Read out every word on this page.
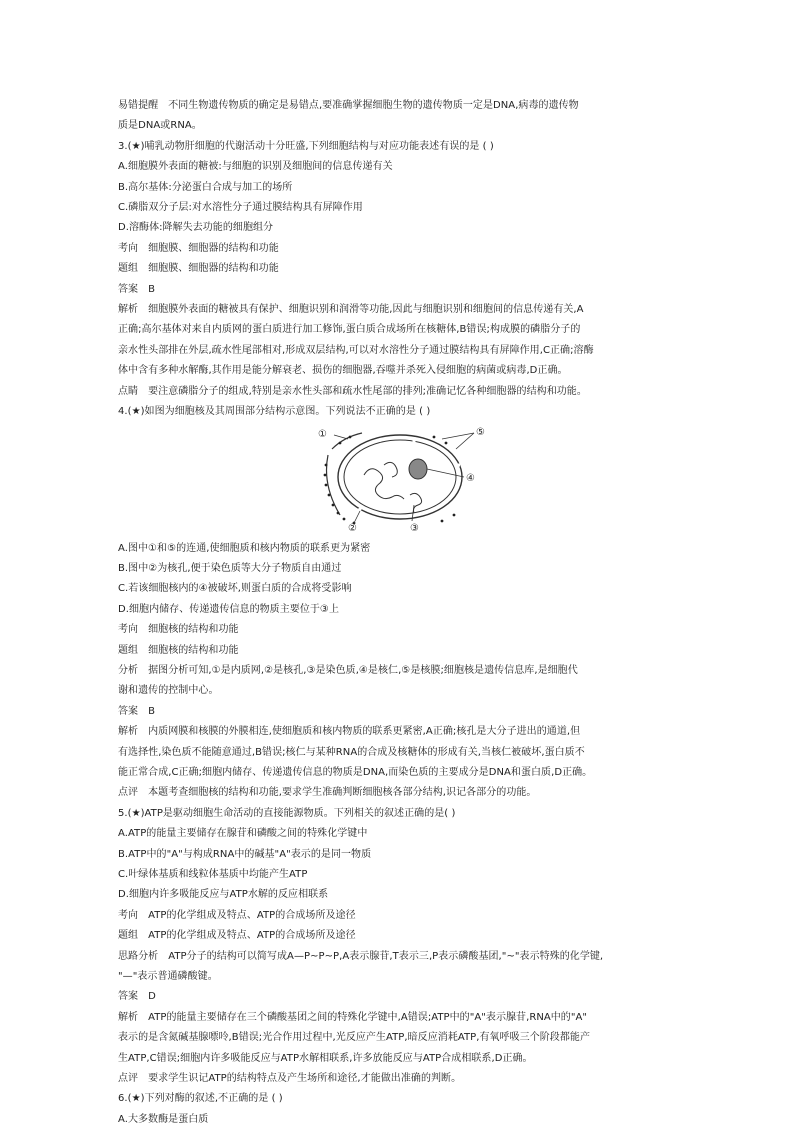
易错提醒 不同生物遗传物质的确定是易错点,要准确掌握细胞生物的遗传物质一定是DNA,病毒的遗传物
质是DNA或RNA。
3.(★)哺乳动物肝细胞的代谢活动十分旺盛,下列细胞结构与对应功能表述有误的是 ( )
A.细胞膜外表面的糖被:与细胞的识别及细胞间的信息传递有关
B.高尔基体:分泌蛋白合成与加工的场所
C.磷脂双分子层:对水溶性分子通过膜结构具有屏障作用
D.溶酶体:降解失去功能的细胞组分
考向 细胞膜、细胞器的结构和功能
题组 细胞膜、细胞器的结构和功能
答案 B
解析 细胞膜外表面的糖被具有保护、细胞识别和润滑等功能,因此与细胞识别和细胞间的信息传递有关,A
正确;高尔基体对来自内质网的蛋白质进行加工修饰,蛋白质合成场所在核糖体,B错误;构成膜的磷脂分子的
亲水性头部排在外层,疏水性尾部相对,形成双层结构,可以对水溶性分子通过膜结构具有屏障作用,C正确;溶酶
体中含有多种水解酶,其作用是能分解衰老、损伤的细胞器,吞噬并杀死入侵细胞的病菌或病毒,D正确。
点睛 要注意磷脂分子的组成,特别是亲水性头部和疏水性尾部的排列;准确记忆各种细胞器的结构和功能。
4.(★)如图为细胞核及其周围部分结构示意图。下列说法不正确的是 ( )
①
②	③
④
⑤
A.图中①和⑤的连通,使细胞质和核内物质的联系更为紧密
B.图中②为核孔,便于染色质等大分子物质自由通过
C.若该细胞核内的④被破坏,则蛋白质的合成将受影响
D.细胞内储存、传递遗传信息的物质主要位于③上
考向 细胞核的结构和功能
题组 细胞核的结构和功能
分析 据图分析可知,①是内质网,②是核孔,③是染色质,④是核仁,⑤是核膜;细胞核是遗传信息库,是细胞代
谢和遗传的控制中心。
答案 B
解析 内质网膜和核膜的外膜相连,使细胞质和核内物质的联系更紧密,A正确;核孔是大分子进出的通道,但
有选择性,染色质不能随意通过,B错误;核仁与某种RNA的合成及核糖体的形成有关,当核仁被破坏,蛋白质不
能正常合成,C正确;细胞内储存、传递遗传信息的物质是DNA,而染色质的主要成分是DNA和蛋白质,D正确。
点评 本题考查细胞核的结构和功能,要求学生准确判断细胞核各部分结构,识记各部分的功能。
5.(★)ATP是驱动细胞生命活动的直接能源物质。下列相关的叙述正确的是( )
A.ATP的能量主要储存在腺苷和磷酸之间的特殊化学键中
B.ATP中的"A"与构成RNA中的碱基"A"表示的是同一物质
C.叶绿体基质和线粒体基质中均能产生ATP
D.细胞内许多吸能反应与ATP水解的反应相联系
考向 ATP的化学组成及特点、ATP的合成场所及途径
题组 ATP的化学组成及特点、ATP的合成场所及途径
思路分析 ATP分子的结构可以简写成A—P~P~P,A表示腺苷,T表示三,P表示磷酸基团,"~"表示特殊的化学键,
"—"表示普通磷酸键。
答案 D
解析 ATP的能量主要储存在三个磷酸基团之间的特殊化学键中,A错误;ATP中的"A"表示腺苷,RNA中的"A"
表示的是含氮碱基腺嘌呤,B错误;光合作用过程中,光反应产生ATP,暗反应消耗ATP,有氧呼吸三个阶段都能产
生ATP,C错误;细胞内许多吸能反应与ATP水解相联系,许多放能反应与ATP合成相联系,D正确。
点评 要求学生识记ATP的结构特点及产生场所和途径,才能做出准确的判断。
6.(★)下列对酶的叙述,不正确的是 ( )
A.大多数酶是蛋白质
